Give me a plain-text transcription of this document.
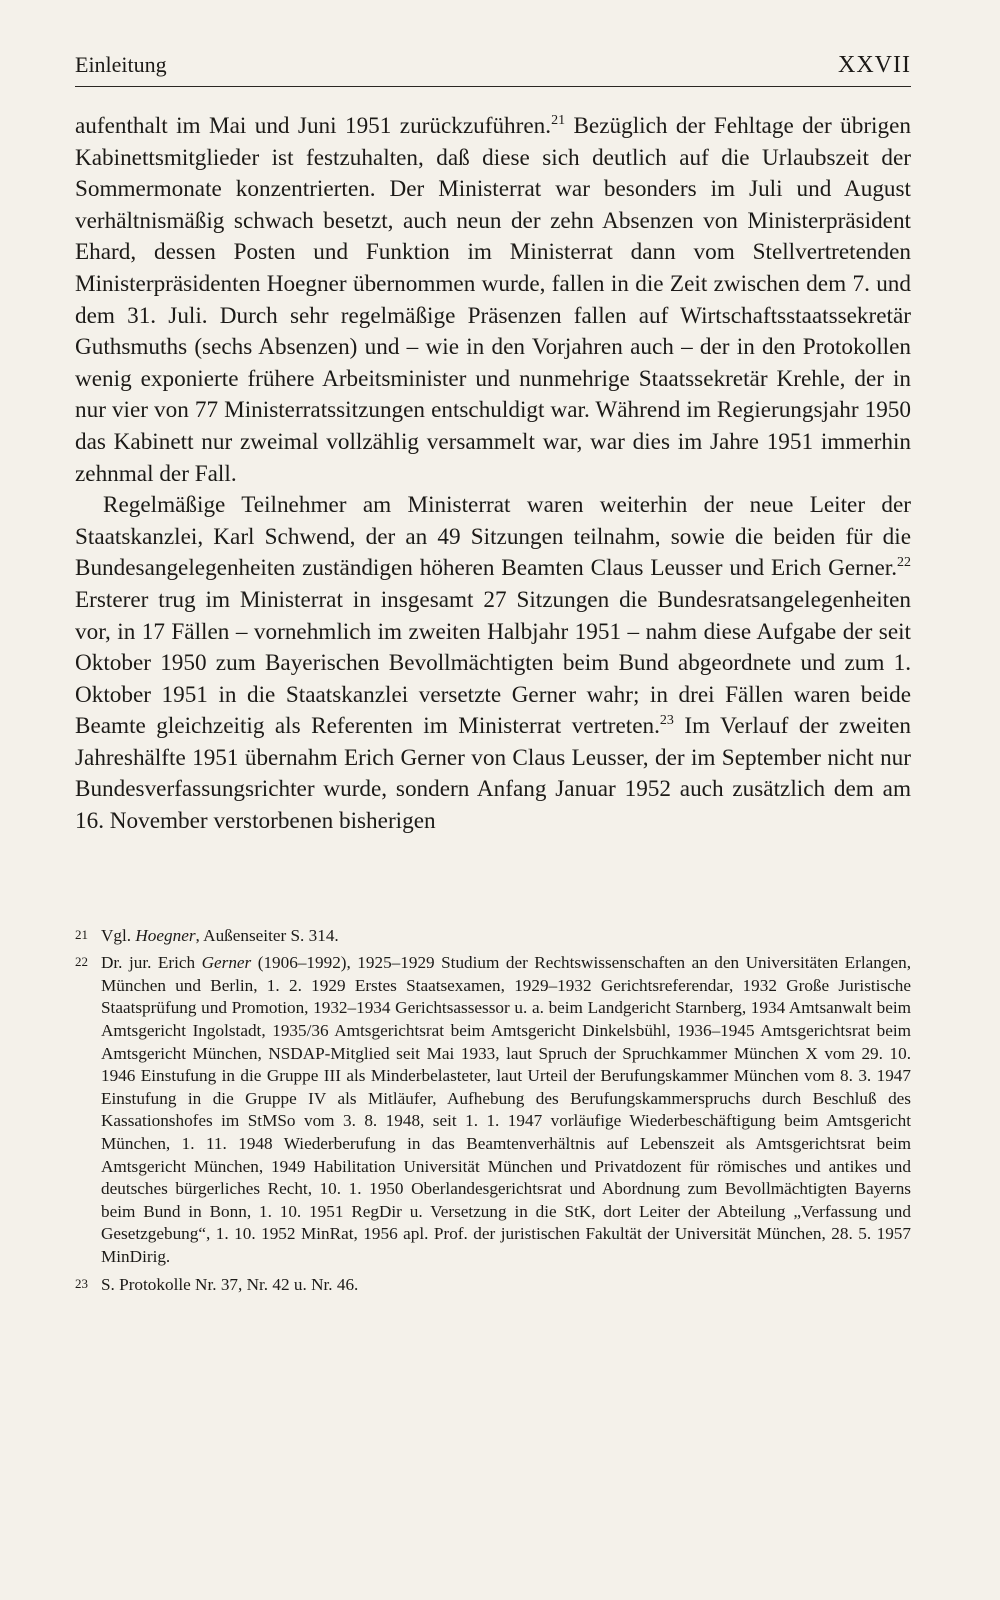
Einleitung	XXVII

aufenthalt im Mai und Juni 1951 zurückzuführen.$^{21}$ Bezüglich der Fehltage der übrigen Kabinettsmitglieder ist festzuhalten, daß diese sich deutlich auf die Urlaubszeit der Sommermonate konzentrierten. Der Ministerrat war besonders im Juli und August verhältnismäßig schwach besetzt, auch neun der zehn Absenzen von Ministerpräsident Ehard, dessen Posten und Funktion im Ministerrat dann vom Stellvertretenden Ministerpräsidenten Hoegner übernommen wurde, fallen in die Zeit zwischen dem 7. und dem 31. Juli. Durch sehr regelmäßige Präsenzen fallen auf Wirtschaftsstaatssekretär Guthsmuths (sechs Absenzen) und – wie in den Vorjahren auch – der in den Protokollen wenig exponierte frühere Arbeitsminister und nunmehrige Staatssekretär Krehle, der in nur vier von 77 Ministerratssitzungen entschuldigt war. Während im Regierungsjahr 1950 das Kabinett nur zweimal vollzählig versammelt war, war dies im Jahre 1951 immerhin zehnmal der Fall.

Regelmäßige Teilnehmer am Ministerrat waren weiterhin der neue Leiter der Staatskanzlei, Karl Schwend, der an 49 Sitzungen teilnahm, sowie die beiden für die Bundesangelegenheiten zuständigen höheren Beamten Claus Leusser und Erich Gerner.$^{22}$ Ersterer trug im Ministerrat in insgesamt 27 Sitzungen die Bundesratsangelegenheiten vor, in 17 Fällen – vornehmlich im zweiten Halbjahr 1951 – nahm diese Aufgabe der seit Oktober 1950 zum Bayerischen Bevollmächtigten beim Bund abgeordnete und zum 1. Oktober 1951 in die Staatskanzlei versetzte Gerner wahr; in drei Fällen waren beide Beamte gleichzeitig als Referenten im Ministerrat vertreten.$^{23}$ Im Verlauf der zweiten Jahreshälfte 1951 übernahm Erich Gerner von Claus Leusser, der im September nicht nur Bundesverfassungsrichter wurde, sondern Anfang Januar 1952 auch zusätzlich dem am 16. November verstorbenen bisherigen

21 Vgl. Hoegner, Außenseiter S. 314.
22 Dr. jur. Erich Gerner (1906–1992), 1925–1929 Studium der Rechtswissenschaften an den Universitäten Erlangen, München und Berlin, 1. 2. 1929 Erstes Staatsexamen, 1929–1932 Gerichtsreferendar, 1932 Große Juristische Staatsprüfung und Promotion, 1932–1934 Gerichtsassessor u. a. beim Landgericht Starnberg, 1934 Amtsanwalt beim Amtsgericht Ingolstadt, 1935/36 Amtsgerichtsrat beim Amtsgericht Dinkelsbühl, 1936–1945 Amtsgerichtsrat beim Amtsgericht München, NSDAP-Mitglied seit Mai 1933, laut Spruch der Spruchkammer München X vom 29. 10. 1946 Einstufung in die Gruppe III als Minderbelasteter, laut Urteil der Berufungskammer München vom 8. 3. 1947 Einstufung in die Gruppe IV als Mitläufer, Aufhebung des Berufungskammerspruchs durch Beschluß des Kassationshofes im StMSo vom 3. 8. 1948, seit 1. 1. 1947 vorläufige Wiederbeschäftigung beim Amtsgericht München, 1. 11. 1948 Wiederberufung in das Beamtenverhältnis auf Lebenszeit als Amtsgerichtsrat beim Amtsgericht München, 1949 Habilitation Universität München und Privatdozent für römisches und antikes und deutsches bürgerliches Recht, 10. 1. 1950 Oberlandesgerichtsrat und Abordnung zum Bevollmächtigten Bayerns beim Bund in Bonn, 1. 10. 1951 RegDir u. Versetzung in die StK, dort Leiter der Abteilung „Verfassung und Gesetzgebung“, 1. 10. 1952 MinRat, 1956 apl. Prof. der juristischen Fakultät der Universität München, 28. 5. 1957 MinDirig.
23 S. Protokolle Nr. 37, Nr. 42 u. Nr. 46.
